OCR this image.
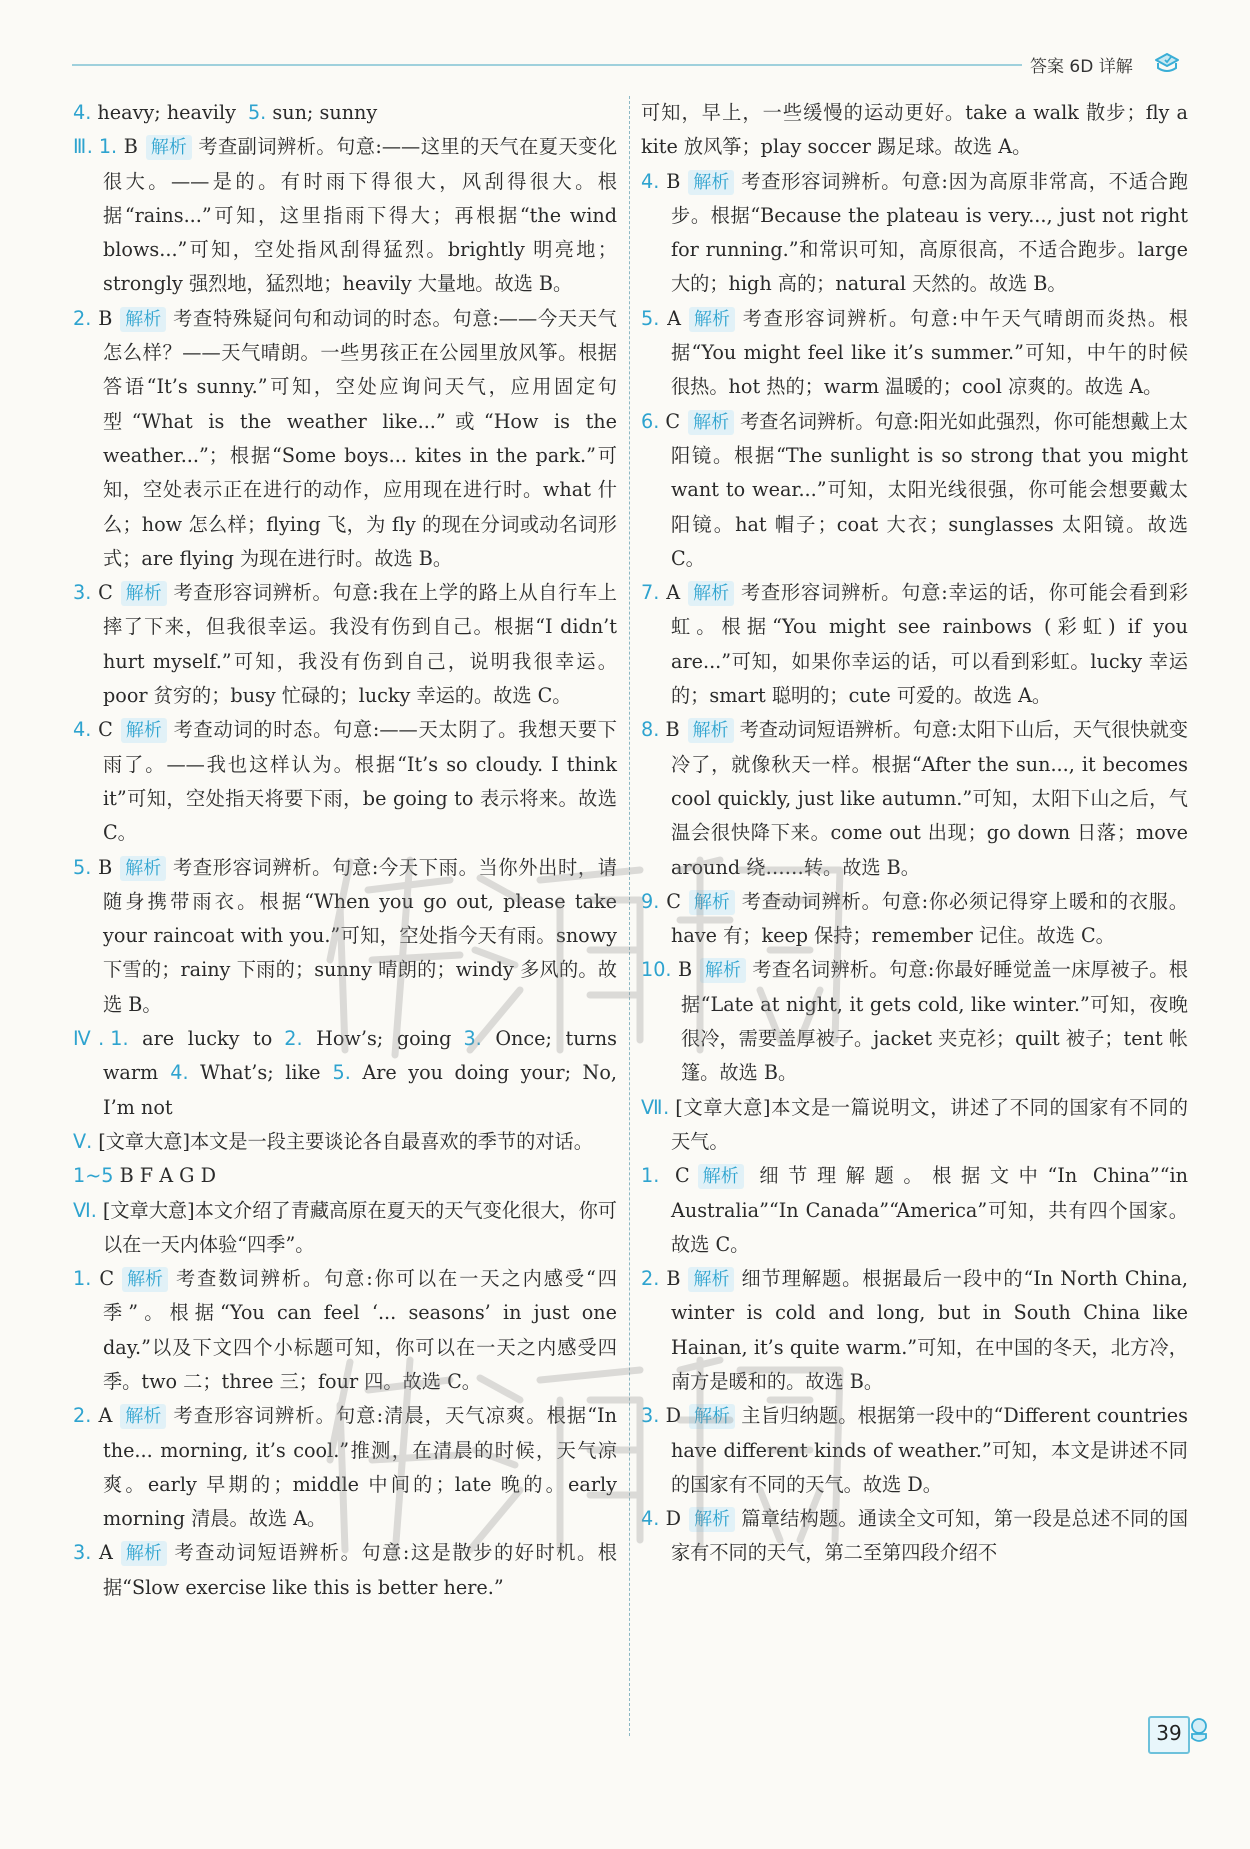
答案 6D 详解

4. heavy; heavily 5. sun; sunny

Ⅲ. 1. B 解析 考查副词辨析。句意:——这里的天气在夏天变化很大。——是的。有时雨下得很大，风刮得很大。根据“rains...”可知，这里指雨下得大；再根据“the wind blows...”可知，空处指风刮得猛烈。brightly 明亮地；strongly 强烈地，猛烈地；heavily 大量地。故选 B。

2. B 解析 考查特殊疑问句和动词的时态。句意:——今天天气怎么样？——天气晴朗。一些男孩正在公园里放风筝。根据答语“It’s sunny.”可知，空处应询问天气，应用固定句型“What is the weather like...”或“How is the weather...”；根据“Some boys... kites in the park.”可知，空处表示正在进行的动作，应用现在进行时。what 什么；how 怎么样；flying 飞，为 fly 的现在分词或动名词形式；are flying 为现在进行时。故选 B。

3. C 解析 考查形容词辨析。句意:我在上学的路上从自行车上摔了下来，但我很幸运。我没有伤到自己。根据“I didn’t hurt myself.”可知，我没有伤到自己，说明我很幸运。poor 贫穷的；busy 忙碌的；lucky 幸运的。故选 C。

4. C 解析 考查动词的时态。句意:——天太阴了。我想天要下雨了。——我也这样认为。根据“It’s so cloudy. I think it”可知，空处指天将要下雨，be going to 表示将来。故选 C。

5. B 解析 考查形容词辨析。句意:今天下雨。当你外出时，请随身携带雨衣。根据“When you go out, please take your raincoat with you.”可知，空处指今天有雨。snowy 下雪的；rainy 下雨的；sunny 晴朗的；windy 多风的。故选 B。

Ⅳ. 1. are lucky to 2. How’s; going 3. Once; turns warm 4. What’s; like 5. Are you doing your; No, I’m not

Ⅴ. [文章大意]本文是一段主要谈论各自最喜欢的季节的对话。

1~5 B F A G D

Ⅵ. [文章大意]本文介绍了青藏高原在夏天的天气变化很大，你可以在一天内体验“四季”。

1. C 解析 考查数词辨析。句意:你可以在一天之内感受“四季”。根据“You can feel ‘... seasons’ in just one day.”以及下文四个小标题可知，你可以在一天之内感受四季。two 二；three 三；four 四。故选 C。

2. A 解析 考查形容词辨析。句意:清晨，天气凉爽。根据“In the... morning, it’s cool.”推测，在清晨的时候，天气凉爽。early 早期的；middle 中间的；late 晚的。early morning 清晨。故选 A。

3. A 解析 考查动词短语辨析。句意:这是散步的好时机。根据“Slow exercise like this is better here.”

可知，早上，一些缓慢的运动更好。take a walk 散步；fly a kite 放风筝；play soccer 踢足球。故选 A。

4. B 解析 考查形容词辨析。句意:因为高原非常高，不适合跑步。根据“Because the plateau is very..., just not right for running.”和常识可知，高原很高，不适合跑步。large 大的；high 高的；natural 天然的。故选 B。

5. A 解析 考查形容词辨析。句意:中午天气晴朗而炎热。根据“You might feel like it’s summer.”可知，中午的时候很热。hot 热的；warm 温暖的；cool 凉爽的。故选 A。

6. C 解析 考查名词辨析。句意:阳光如此强烈，你可能想戴上太阳镜。根据“The sunlight is so strong that you might want to wear...”可知，太阳光线很强，你可能会想要戴太阳镜。hat 帽子；coat 大衣；sunglasses 太阳镜。故选 C。

7. A 解析 考查形容词辨析。句意:幸运的话，你可能会看到彩虹。根据“You might see rainbows (彩虹) if you are...”可知，如果你幸运的话，可以看到彩虹。lucky 幸运的；smart 聪明的；cute 可爱的。故选 A。

8. B 解析 考查动词短语辨析。句意:太阳下山后，天气很快就变冷了，就像秋天一样。根据“After the sun..., it becomes cool quickly, just like autumn.”可知，太阳下山之后，气温会很快降下来。come out 出现；go down 日落；move around 绕……转。故选 B。

9. C 解析 考查动词辨析。句意:你必须记得穿上暖和的衣服。have 有；keep 保持；remember 记住。故选 C。

10. B 解析 考查名词辨析。句意:你最好睡觉盖一床厚被子。根据“Late at night, it gets cold, like winter.”可知，夜晚很冷，需要盖厚被子。jacket 夹克衫；quilt 被子；tent 帐篷。故选 B。

Ⅶ. [文章大意]本文是一篇说明文，讲述了不同的国家有不同的天气。

1. C 解析 细节理解题。根据文中“In China”“in Australia”“In Canada”“America”可知，共有四个国家。故选 C。

2. B 解析 细节理解题。根据最后一段中的“In North China, winter is cold and long, but in South China like Hainan, it’s quite warm.”可知，在中国的冬天，北方冷，南方是暖和的。故选 B。

3. D 解析 主旨归纳题。根据第一段中的“Different countries have different kinds of weather.”可知，本文是讲述不同的国家有不同的天气。故选 D。

4. D 解析 篇章结构题。通读全文可知，第一段是总述不同的国家有不同的天气，第二至第四段介绍不

39
